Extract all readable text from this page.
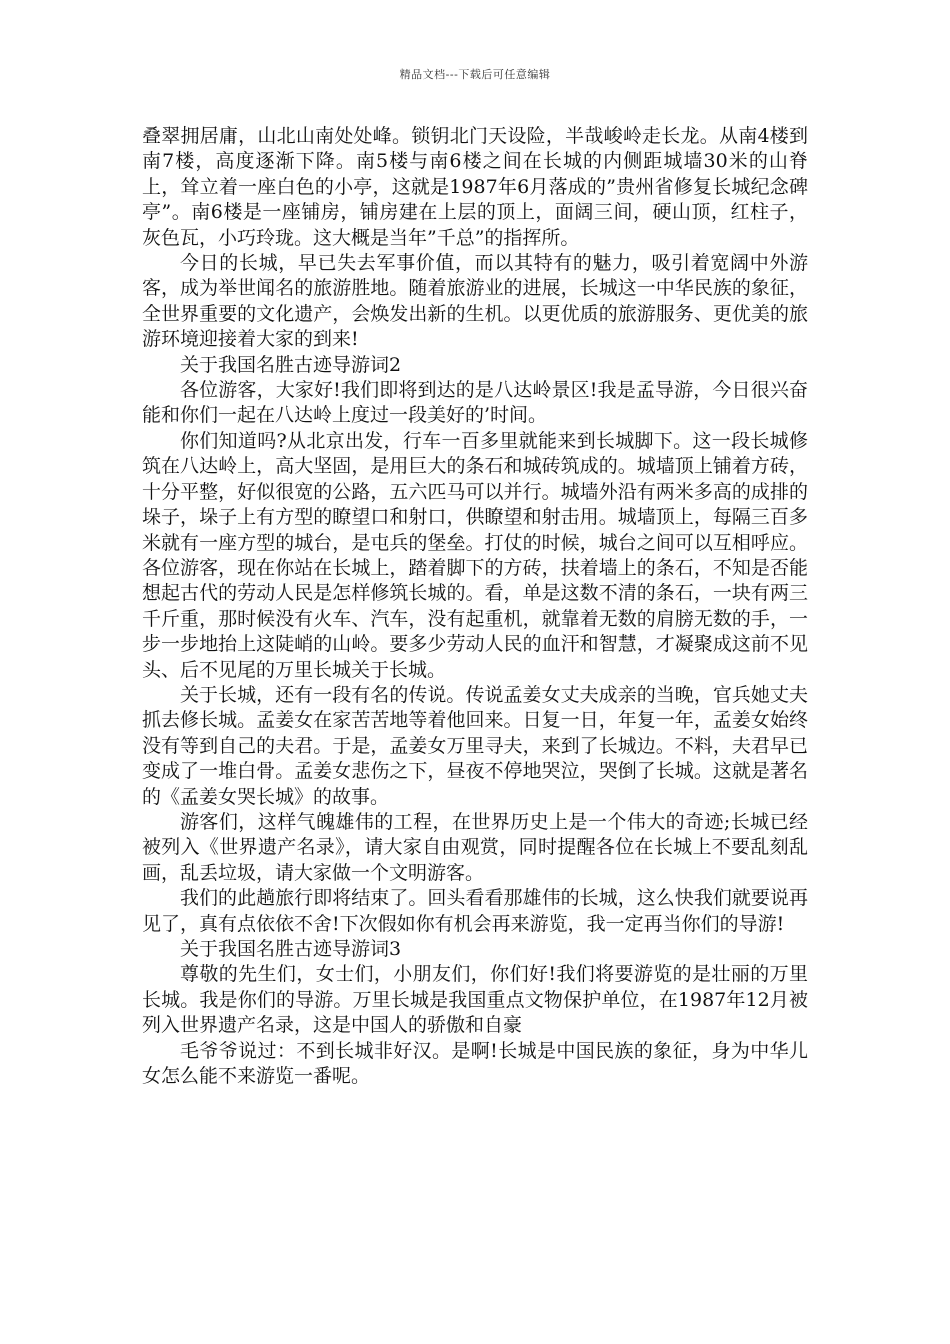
精品文档---下载后可任意编辑

叠翠拥居庸，山北山南处处峰。锁钥北门天设险，半哉峻岭走长龙。从南4楼到南7楼，高度逐渐下降。南5楼与南6楼之间在长城的内侧距城墙30米的山脊上，耸立着一座白色的小亭，这就是1987年6月落成的”贵州省修复长城纪念碑亭”。南6楼是一座铺房，铺房建在上层的顶上，面阔三间，硬山顶，红柱子，灰色瓦，小巧玲珑。这大概是当年”千总”的指挥所。

今日的长城，早已失去军事价值，而以其特有的魅力，吸引着宽阔中外游客，成为举世闻名的旅游胜地。随着旅游业的进展，长城这一中华民族的象征，全世界重要的文化遗产，会焕发出新的生机。以更优质的旅游服务、更优美的旅游环境迎接着大家的到来!

关于我国名胜古迹导游词2

各位游客，大家好!我们即将到达的是八达岭景区!我是孟导游，今日很兴奋能和你们一起在八达岭上度过一段美好的’时间。

你们知道吗?从北京出发，行车一百多里就能来到长城脚下。这一段长城修筑在八达岭上，高大坚固，是用巨大的条石和城砖筑成的。城墙顶上铺着方砖，十分平整，好似很宽的公路，五六匹马可以并行。城墙外沿有两米多高的成排的垛子，垛子上有方型的瞭望口和射口，供瞭望和射击用。城墙顶上，每隔三百多米就有一座方型的城台，是屯兵的堡垒。打仗的时候，城台之间可以互相呼应。各位游客，现在你站在长城上，踏着脚下的方砖，扶着墙上的条石，不知是否能想起古代的劳动人民是怎样修筑长城的。看，单是这数不清的条石，一块有两三千斤重，那时候没有火车、汽车，没有起重机，就靠着无数的肩膀无数的手，一步一步地抬上这陡峭的山岭。要多少劳动人民的血汗和智慧，才凝聚成这前不见头、后不见尾的万里长城关于长城。

关于长城，还有一段有名的传说。传说孟姜女丈夫成亲的当晚，官兵她丈夫抓去修长城。孟姜女在家苦苦地等着他回来。日复一日，年复一年，孟姜女始终没有等到自己的夫君。于是，孟姜女万里寻夫，来到了长城边。不料，夫君早已变成了一堆白骨。孟姜女悲伤之下，昼夜不停地哭泣，哭倒了长城。这就是著名的《孟姜女哭长城》的故事。

游客们，这样气魄雄伟的工程，在世界历史上是一个伟大的奇迹;长城已经被列入《世界遗产名录》，请大家自由观赏，同时提醒各位在长城上不要乱刻乱画，乱丢垃圾，请大家做一个文明游客。

我们的此趟旅行即将结束了。回头看看那雄伟的长城，这么快我们就要说再见了，真有点依依不舍!下次假如你有机会再来游览，我一定再当你们的导游!

关于我国名胜古迹导游词3

尊敬的先生们，女士们，小朋友们，你们好!我们将要游览的是壮丽的万里长城。我是你们的导游。万里长城是我国重点文物保护单位，在1987年12月被列入世界遗产名录，这是中国人的骄傲和自豪

毛爷爷说过：不到长城非好汉。是啊!长城是中国民族的象征，身为中华儿女怎么能不来游览一番呢。
